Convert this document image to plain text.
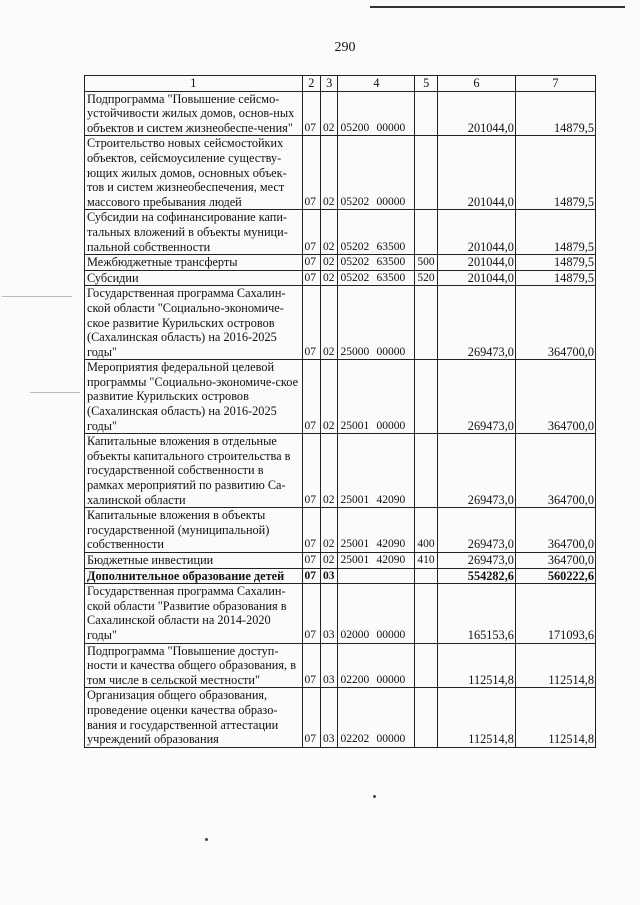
290
1	2	3	4	5	6	7
Подпрограмма "Повышение сейсмо-устойчивости жилых домов, основ-ных объектов и систем жизнеобеспе-чения"	07	02	05200 00000		201044,0	14879,5
Строительство новых сейсмостойких объектов, сейсмоусиление существу-ющих жилых домов, основных объек-тов и систем жизнеобеспечения, мест массового пребывания людей	07	02	05202 00000		201044,0	14879,5
Субсидии на софинансирование капи-тальных вложений в объекты муници-пальной собственности	07	02	05202 63500		201044,0	14879,5
Межбюджетные трансферты	07	02	05202 63500	500	201044,0	14879,5
Субсидии	07	02	05202 63500	520	201044,0	14879,5
Государственная программа Сахалин-ской области "Социально-экономиче-ское развитие Курильских островов (Сахалинская область) на 2016-2025 годы"	07	02	25000 00000		269473,0	364700,0
Мероприятия федеральной целевой программы "Социально-экономиче-ское развитие Курильских островов (Сахалинская область) на 2016-2025 годы"	07	02	25001 00000		269473,0	364700,0
Капитальные вложения в отдельные объекты капитального строительства в государственной собственности в рамках мероприятий по развитию Са-халинской области	07	02	25001 42090		269473,0	364700,0
Капитальные вложения в объекты государственной (муниципальной) собственности	07	02	25001 42090	400	269473,0	364700,0
Бюджетные инвестиции	07	02	25001 42090	410	269473,0	364700,0
Дополнительное образование детей	07	03			554282,6	560222,6
Государственная программа Сахалин-ской области "Развитие образования в Сахалинской области на 2014-2020 годы"	07	03	02000 00000		165153,6	171093,6
Подпрограмма "Повышение доступ-ности и качества общего образования, в том числе в сельской местности"	07	03	02200 00000		112514,8	112514,8
Организация общего образования, проведение оценки качества образо-вания и государственной аттестации учреждений образования	07	03	02202 00000		112514,8	112514,8
